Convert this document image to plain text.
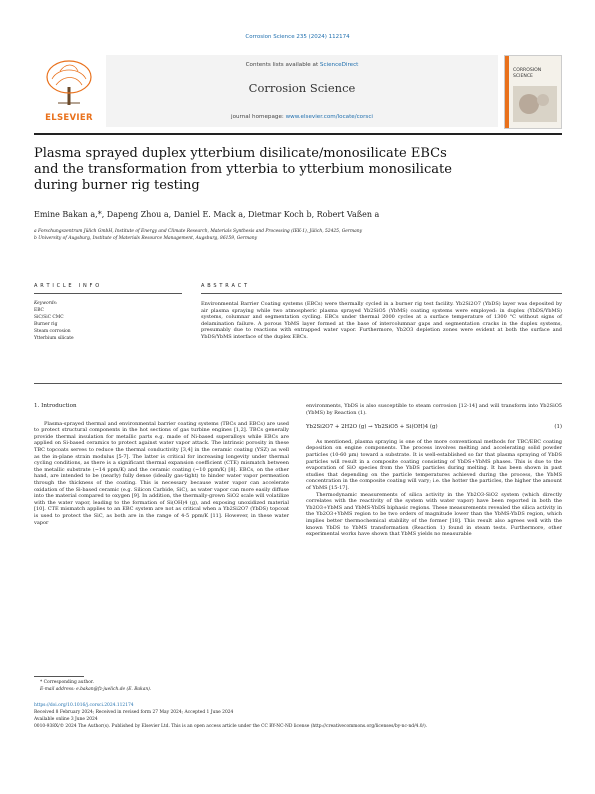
Corrosion Science 235 (2024) 112174
ELSEVIER
Contents lists available at ScienceDirect
Corrosion Science
journal homepage: www.elsevier.com/locate/corsci
CORROSION SCIENCE
Plasma sprayed duplex ytterbium disilicate/monosilicate EBCs and the transformation from ytterbia to ytterbium monosilicate during burner rig testing
Emine Bakan a,*, Dapeng Zhou a, Daniel E. Mack a, Dietmar Koch b, Robert Vaßen a
a Forschungszentrum Jülich GmbH, Institute of Energy and Climate Research, Materials Synthesis and Processing (IEK-1), Jülich, 52425, Germany
b University of Augsburg, Institute of Materials Resource Management, Augsburg, 86159, Germany
A R T I C L E   I N F O
Keywords:
EBC
SiC/SiC CMC
Burner rig
Steam corrosion
Ytterbium silicate
A B S T R A C T
Environmental Barrier Coating systems (EBCs) were thermally cycled in a burner rig test facility. Yb2Si2O7 (YbDS) layer was deposited by air plasma spraying while two atmospheric plasma sprayed Yb2SiO5 (YbMS) coating systems were employed: in duplex (YbDS/YbMS) systems, columnar and segmentation cycling. EBCs under thermal 2000 cycles at a surface temperature of 1300 °C without signs of delamination failure. A porous YbMS layer formed at the base of intercolumnar gaps and segmentation cracks in the duplex systems, presumably due to reactions with entrapped water vapor. Furthermore, Yb2O3 depletion zones were evident at both the surface and YbDS/YbMS interface of the duplex EBCs.
1. Introduction
Plasma-sprayed thermal and environmental barrier coating systems (TBCs and EBCs) are used to protect structural components in the hot sections of gas turbine engines [1,2]. TBCs generally provide thermal insulation for metallic parts e.g. made of Ni-based superalloys while EBCs are applied on Si-based ceramics to protect against water vapor attack. The intrinsic porosity in these TBC topcoats serves to reduce the thermal conductivity [3,4] in the ceramic coating (YSZ) as well as the in-plane strain modulus [5-7]. The latter is critical for increasing longevity under thermal cycling conditions, as there is a significant thermal expansion coefficient (CTE) mismatch between the metallic substrate (~14 ppm/K) and the ceramic coating (~10 ppm/K) [8]. EBCs, on the other hand, are intended to be (nearly) fully dense (ideally gas-tight) to hinder water vapor permeation through the thickness of the coating. This is necessary because water vapor can accelerate oxidation of the Si-based ceramic (e.g. Silicon Carbide, SiC), as water vapor can more easily diffuse into the material compared to oxygen [9]. In addition, the thermally-grown SiO2 scale will volatilize with the water vapor, leading to the formation of Si(OH)4 (g), and exposing unoxidized material [10]. CTE mismatch applies to an EBC system are not as critical when a Yb2Si2O7 (YbDS) topcoat is used to protect the SiC, as both are in the range of 4-5 ppm/K [11]. However, in these water vapor
environments, YbDS is also susceptible to steam corrosion [12-14] and will transform into Yb2SiO5 (YbMS) by Reaction (1).
Yb2Si2O7 + 2H2O (g) → Yb2SiO5 + Si(OH)4 (g)	(1)
As mentioned, plasma spraying is one of the more conventional methods for TBC/EBC coating deposition on engine components. The process involves melting and accelerating solid powder particles (10-60 µm) toward a substrate. It is well-established so far that plasma spraying of YbDS particles will result in a composite coating consisting of YbDS+YbMS phases. This is due to the evaporation of SiO species from the YbDS particles during melting. It has been shown in past studies that depending on the particle temperatures achieved during the process, the YbMS concentration in the composite coating will vary; i.e. the hotter the particles, the higher the amount of YbMS [15-17].
Thermodynamic measurements of silica activity in the Yb2O3-SiO2 system (which directly correlates with the reactivity of the system with water vapor) have been reported in both the Yb2O3+YbMS and YbMS-YbDS biphasic regions. These measurements revealed the silica activity in the Yb2O3+YbMS region to be two orders of magnitude lower than the YbMS-YbDS region, which implies better thermochemical stability of the former [18]. This result also agrees well with the known YbDS to YbMS transformation (Reaction 1) found in steam tests. Furthermore, other experimental works have shown that YbMS yields no measurable
* Corresponding author.
E-mail address: e.bakan@fz-juelich.de (E. Bakan).
https://doi.org/10.1016/j.corsci.2024.112174
Received 8 February 2024; Received in revised form 27 May 2024; Accepted 1 June 2024
Available online 3 June 2024
0010-938X/© 2024 The Author(s). Published by Elsevier Ltd. This is an open access article under the CC BY-NC-ND license (http://creativecommons.org/licenses/by-nc-nd/4.0/).
